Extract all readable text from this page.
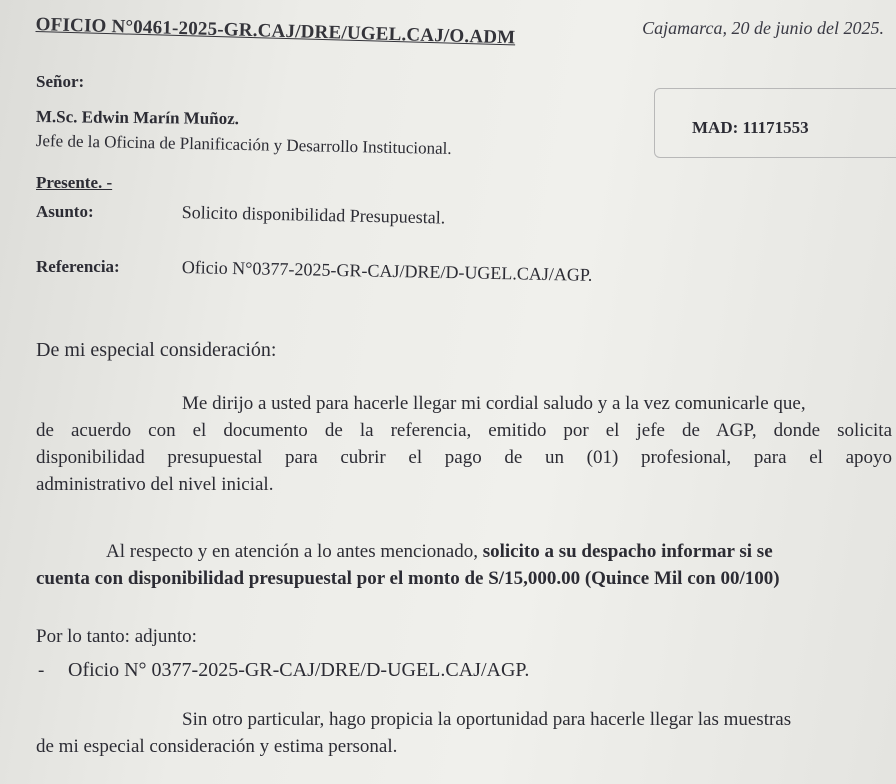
OFICIO N°0461-2025-GR.CAJ/DRE/UGEL.CAJ/O.ADM	Cajamarca, 20 de junio del 2025.
Señor:
M.Sc. Edwin Marín Muñoz.
Jefe de la Oficina de Planificación y Desarrollo Institucional.
MAD: 11171553
Presente. -
Asunto:	Solicito disponibilidad Presupuestal.
Referencia:	Oficio N°0377-2025-GR-CAJ/DRE/D-UGEL.CAJ/AGP.
De mi especial consideración:
Me dirijo a usted para hacerle llegar mi cordial saludo y a la vez comunicarle que,
de acuerdo con el documento de la referencia, emitido por el jefe de AGP, donde solicita
disponibilidad presupuestal para cubrir el pago de un (01) profesional, para el apoyo
administrativo del nivel inicial.
Al respecto y en atención a lo antes mencionado, solicito a su despacho informar si se
cuenta con disponibilidad presupuestal por el monto de S/15,000.00 (Quince Mil con 00/100)
Por lo tanto: adjunto:
- Oficio N° 0377-2025-GR-CAJ/DRE/D-UGEL.CAJ/AGP.
Sin otro particular, hago propicia la oportunidad para hacerle llegar las muestras
de mi especial consideración y estima personal.
